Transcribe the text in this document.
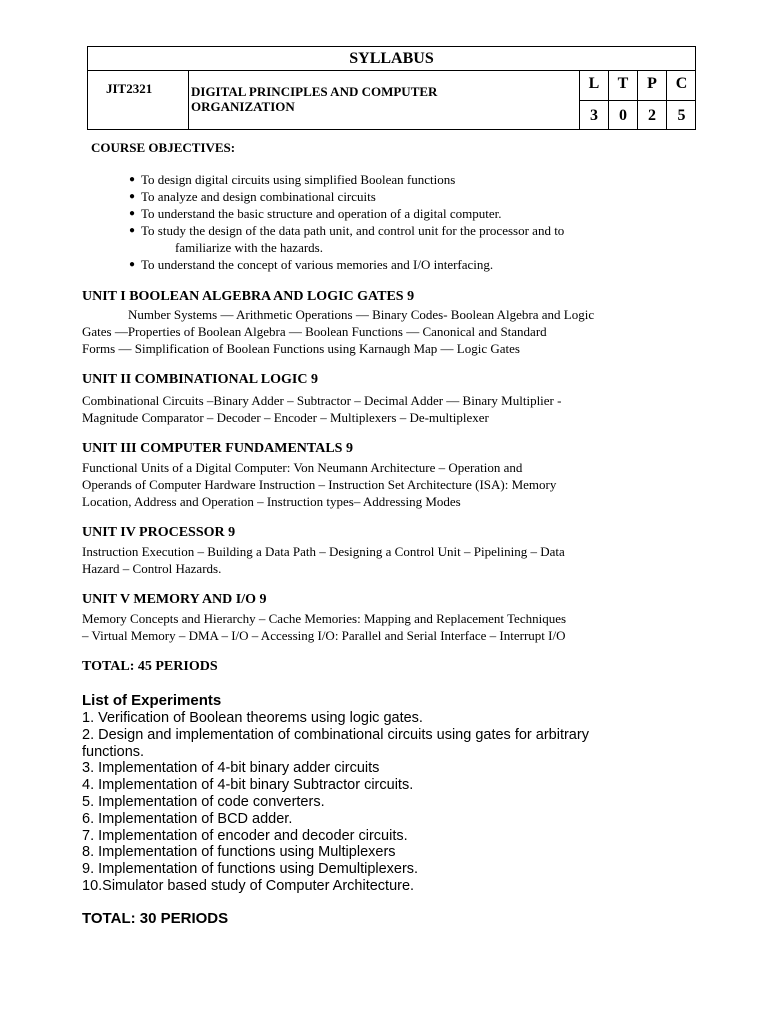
SYLLABUS
JIT2321	DIGITAL PRINCIPLES AND COMPUTER
ORGANIZATION
L	T	P	C
3	0	2	5
COURSE OBJECTIVES:
● To design digital circuits using simplified Boolean functions
● To analyze and design combinational circuits
● To understand the basic structure and operation of a digital computer.
● To study the design of the data path unit, and control unit for the processor and to
familiarize with the hazards.
● To understand the concept of various memories and I/O interfacing.
UNIT I BOOLEAN ALGEBRA AND LOGIC GATES 9
Number Systems — Arithmetic Operations — Binary Codes- Boolean Algebra and Logic
Gates —Properties of Boolean Algebra — Boolean Functions — Canonical and Standard
Forms — Simplification of Boolean Functions using Karnaugh Map — Logic Gates
UNIT II COMBINATIONAL LOGIC 9
Combinational Circuits –Binary Adder – Subtractor – Decimal Adder — Binary Multiplier -
Magnitude Comparator – Decoder – Encoder – Multiplexers – De-multiplexer
UNIT III COMPUTER FUNDAMENTALS 9
Functional Units of a Digital Computer: Von Neumann Architecture – Operation and
Operands of Computer Hardware Instruction – Instruction Set Architecture (ISA): Memory
Location, Address and Operation – Instruction types– Addressing Modes
UNIT IV PROCESSOR 9
Instruction Execution – Building a Data Path – Designing a Control Unit – Pipelining – Data
Hazard – Control Hazards.
UNIT V MEMORY AND I/O 9
Memory Concepts and Hierarchy – Cache Memories: Mapping and Replacement Techniques
– Virtual Memory – DMA – I/O – Accessing I/O: Parallel and Serial Interface – Interrupt I/O
TOTAL: 45 PERIODS
List of Experiments
1. Verification of Boolean theorems using logic gates.
2. Design and implementation of combinational circuits using gates for arbitrary
functions.
3. Implementation of 4-bit binary adder circuits
4. Implementation of 4-bit binary Subtractor circuits.
5. Implementation of code converters.
6. Implementation of BCD adder.
7. Implementation of encoder and decoder circuits.
8. Implementation of functions using Multiplexers
9. Implementation of functions using Demultiplexers.
10.Simulator based study of Computer Architecture.
TOTAL: 30 PERIODS
